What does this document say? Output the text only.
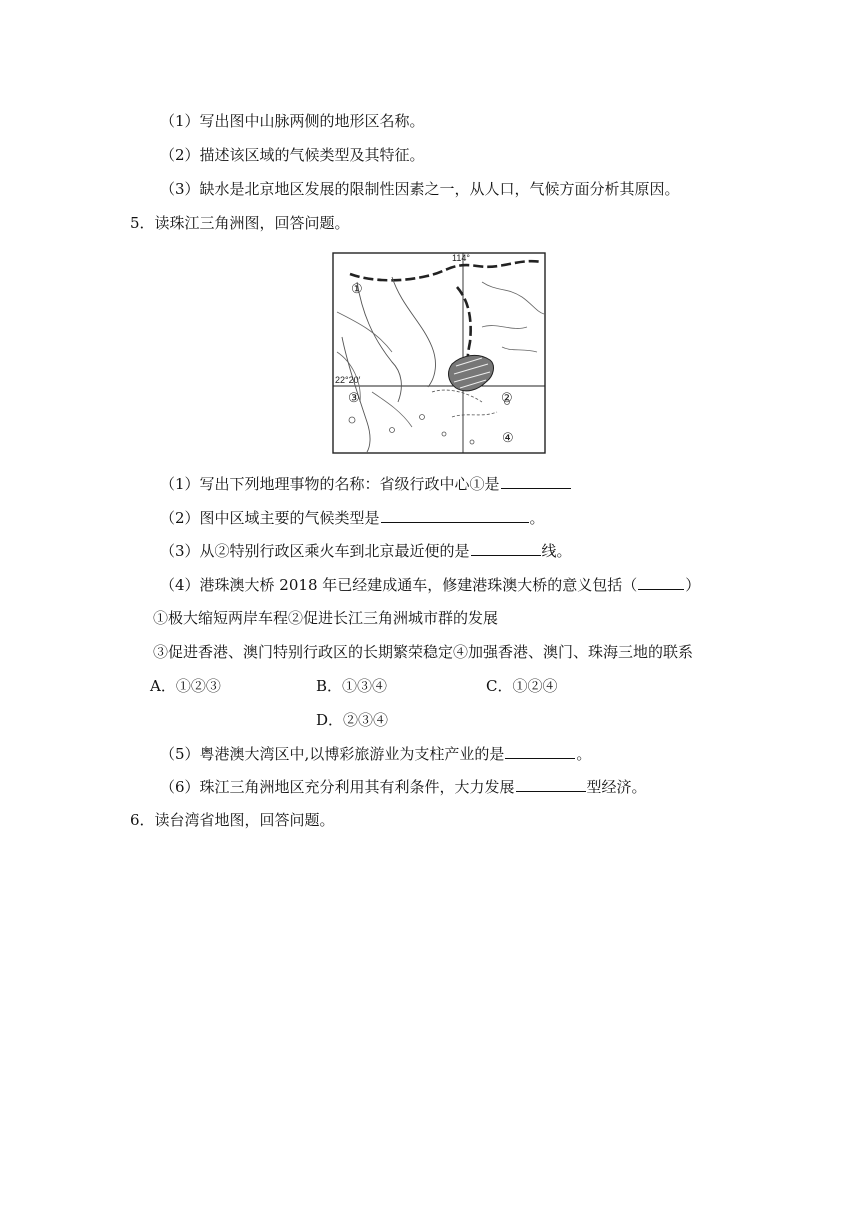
（1）写出图中山脉两侧的地形区名称。
（2）描述该区域的气候类型及其特征。
（3）缺水是北京地区发展的限制性因素之一，从人口，气候方面分析其原因。
5．读珠江三角洲图，回答问题。
114°
22°20′
①
②
③
④
（1）写出下列地理事物的名称：省级行政中心①是
（2）图中区域主要的气候类型是	。
（3）从②特别行政区乘火车到北京最近便的是	线。
（4）港珠澳大桥 2018 年已经建成通车，修建港珠澳大桥的意义包括（	）
①极大缩短两岸车程②促进长江三角洲城市群的发展
③促进香港、澳门特别行政区的长期繁荣稳定④加强香港、澳门、珠海三地的联系
A．①②③	B．①③④	C．①②④
D．②③④
（5）粤港澳大湾区中,以博彩旅游业为支柱产业的是	。
（6）珠江三角洲地区充分利用其有利条件，大力发展	型经济。
6．读台湾省地图，回答问题。
